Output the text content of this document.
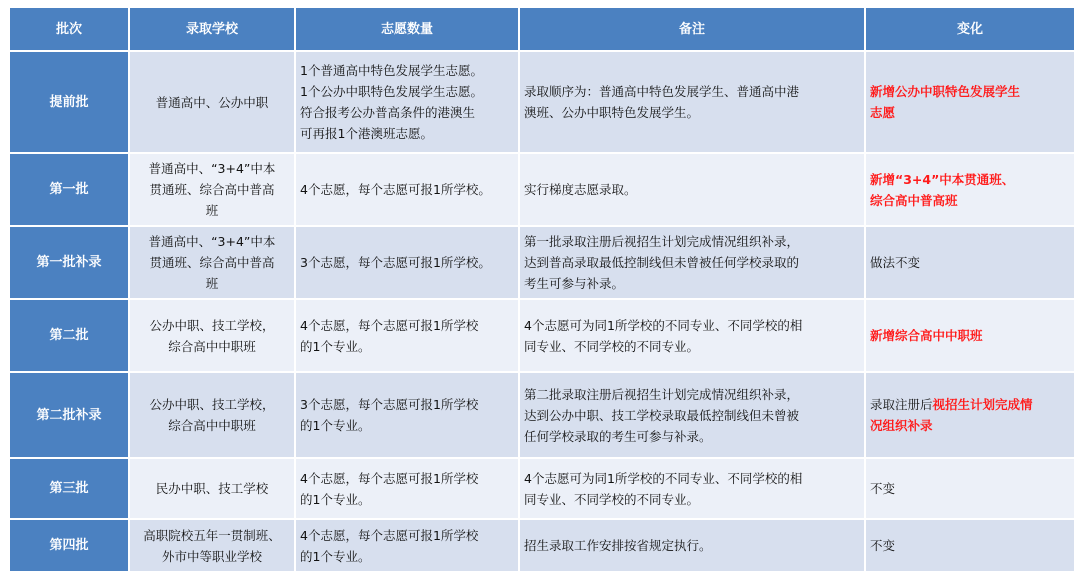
批次	录取学校	志愿数量	备注	变化
提前批	普通高中、公办中职	1个普通高中特色发展学生志愿。
1个公办中职特色发展学生志愿。
符合报考公办普高条件的港澳生
可再报1个港澳班志愿。	录取顺序为：普通高中特色发展学生、普通高中港
澳班、公办中职特色发展学生。	新增公办中职特色发展学生
志愿
第一批	普通高中、“3+4”中本
贯通班、综合高中普高
班	4个志愿，每个志愿可报1所学校。	实行梯度志愿录取。	新增“3+4”中本贯通班、
综合高中普高班
第一批补录	普通高中、“3+4”中本
贯通班、综合高中普高
班	3个志愿，每个志愿可报1所学校。	第一批录取注册后视招生计划完成情况组织补录，
达到普高录取最低控制线但未曾被任何学校录取的
考生可参与补录。	做法不变
第二批	公办中职、技工学校，
综合高中中职班	4个志愿，每个志愿可报1所学校
的1个专业。	4个志愿可为同1所学校的不同专业、不同学校的相
同专业、不同学校的不同专业。	新增综合高中中职班
第二批补录	公办中职、技工学校，
综合高中中职班	3个志愿，每个志愿可报1所学校
的1个专业。	第二批录取注册后视招生计划完成情况组织补录，
达到公办中职、技工学校录取最低控制线但未曾被
任何学校录取的考生可参与补录。	录取注册后视招生计划完成情
况组织补录
第三批	民办中职、技工学校	4个志愿，每个志愿可报1所学校
的1个专业。	4个志愿可为同1所学校的不同专业、不同学校的相
同专业、不同学校的不同专业。	不变
第四批	高职院校五年一贯制班、
外市中等职业学校	4个志愿，每个志愿可报1所学校
的1个专业。	招生录取工作安排按省规定执行。	不变
